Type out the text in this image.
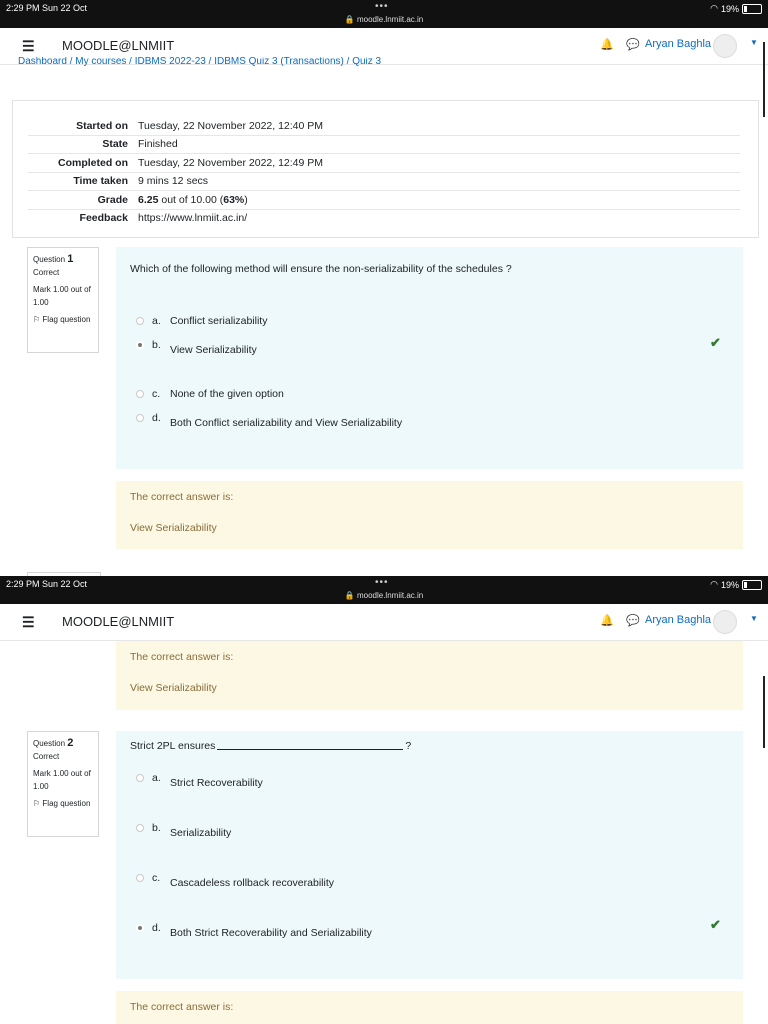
2:29 PM Sun 22 Oct	•••
🔒 moodle.lnmiit.ac.in
◠ 19%
☰ MOODLE@LNMIIT	🔔 💬 Aryan Baghla	▼
Dashboard / My courses / IDBMS 2022-23 / IDBMS Quiz 3 (Transactions) / Quiz 3
Started on Tuesday, 22 November 2022, 12:40 PM
State Finished
Completed on Tuesday, 22 November 2022, 12:49 PM
Time taken 9 mins 12 secs
Grade 6.25 out of 10.00 (63%)
Feedback https://www.lnmiit.ac.in/
Question 1
Correct
Mark 1.00 out of 1.00
⚐ Flag question
Which of the following method will ensure the non-serializability of the schedules ?
a. Conflict serializability
b. View Serializability	✔
c. None of the given option
d. Both Conflict serializability and View Serializability
The correct answer is:
View Serializability
2:29 PM Sun 22 Oct	•••
🔒 moodle.lnmiit.ac.in
◠ 19%
☰ MOODLE@LNMIIT	🔔 💬 Aryan Baghla	▼
The correct answer is:
View Serializability
Question 2
Correct
Mark 1.00 out of 1.00
⚐ Flag question
Strict 2PL ensures	?
a. Strict Recoverability
b. Serializability
c. Cascadeless rollback recoverability
d. Both Strict Recoverability and Serializability
✔
The correct answer is:
